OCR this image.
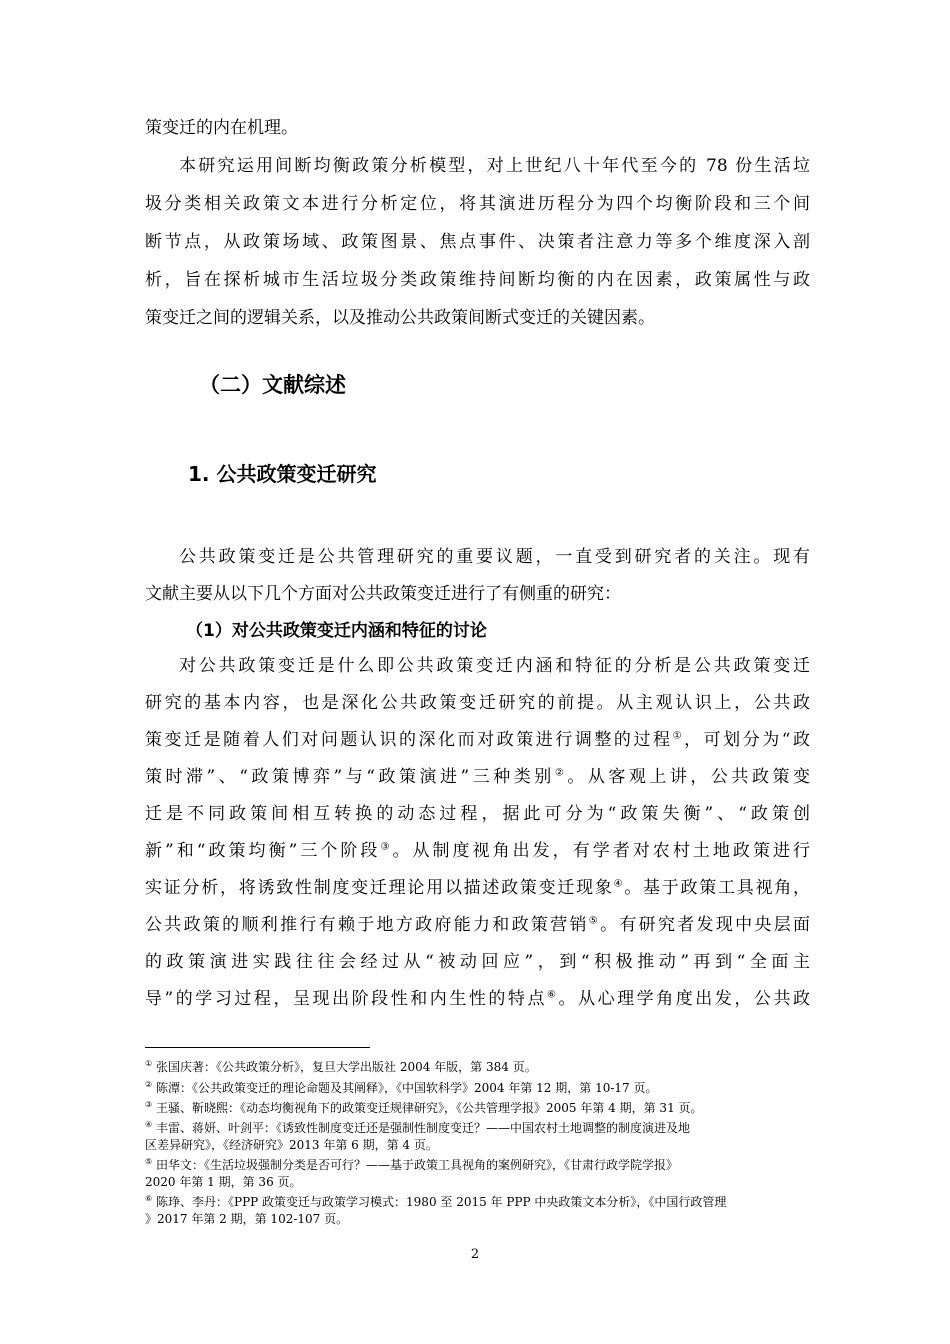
策变迁的内在机理。
本研究运用间断均衡政策分析模型，对上世纪八十年代至今的 78 份生活垃
圾分类相关政策文本进行分析定位，将其演进历程分为四个均衡阶段和三个间
断节点，从政策场域、政策图景、焦点事件、决策者注意力等多个维度深入剖
析，旨在探析城市生活垃圾分类政策维持间断均衡的内在因素，政策属性与政
策变迁之间的逻辑关系，以及推动公共政策间断式变迁的关键因素。
（二）文献综述
1. 公共政策变迁研究
公共政策变迁是公共管理研究的重要议题，一直受到研究者的关注。现有
文献主要从以下几个方面对公共政策变迁进行了有侧重的研究：
（1）对公共政策变迁内涵和特征的讨论
对公共政策变迁是什么即公共政策变迁内涵和特征的分析是公共政策变迁
研究的基本内容，也是深化公共政策变迁研究的前提。从主观认识上，公共政
策变迁是随着人们对问题认识的深化而对政策进行调整的过程①，可划分为“政
策时滞”、“政策博弈”与“政策演进”三种类别②。从客观上讲，公共政策变
迁是不同政策间相互转换的动态过程，据此可分为“政策失衡”、“政策创
新”和“政策均衡”三个阶段③。从制度视角出发，有学者对农村土地政策进行
实证分析，将诱致性制度变迁理论用以描述政策变迁现象④。基于政策工具视角，
公共政策的顺利推行有赖于地方政府能力和政策营销⑤。有研究者发现中央层面
的政策演进实践往往会经过从“被动回应”，到“积极推动”再到“全面主
导”的学习过程，呈现出阶段性和内生性的特点⑥。从心理学角度出发，公共政
① 张国庆著：《公共政策分析》，复旦大学出版社 2004 年版，第 384 页。
② 陈潭：《公共政策变迁的理论命题及其阐释》，《中国软科学》2004 年第 12 期，第 10-17 页。
③ 王骚、靳晓熙：《动态均衡视角下的政策变迁规律研究》，《公共管理学报》2005 年第 4 期，第 31 页。
④ 丰雷、蒋妍、叶剑平：《诱致性制度变迁还是强制性制度变迁？——中国农村土地调整的制度演进及地
区差异研究》，《经济研究》2013 年第 6 期，第 4 页。
⑤ 田华文：《生活垃圾强制分类是否可行？——基于政策工具视角的案例研究》，《甘肃行政学院学报》
2020 年第 1 期，第 36 页。
⑥ 陈琤、李丹：《PPP 政策变迁与政策学习模式：1980 至 2015 年 PPP 中央政策文本分析》，《中国行政管理
》2017 年第 2 期，第 102-107 页。
2
